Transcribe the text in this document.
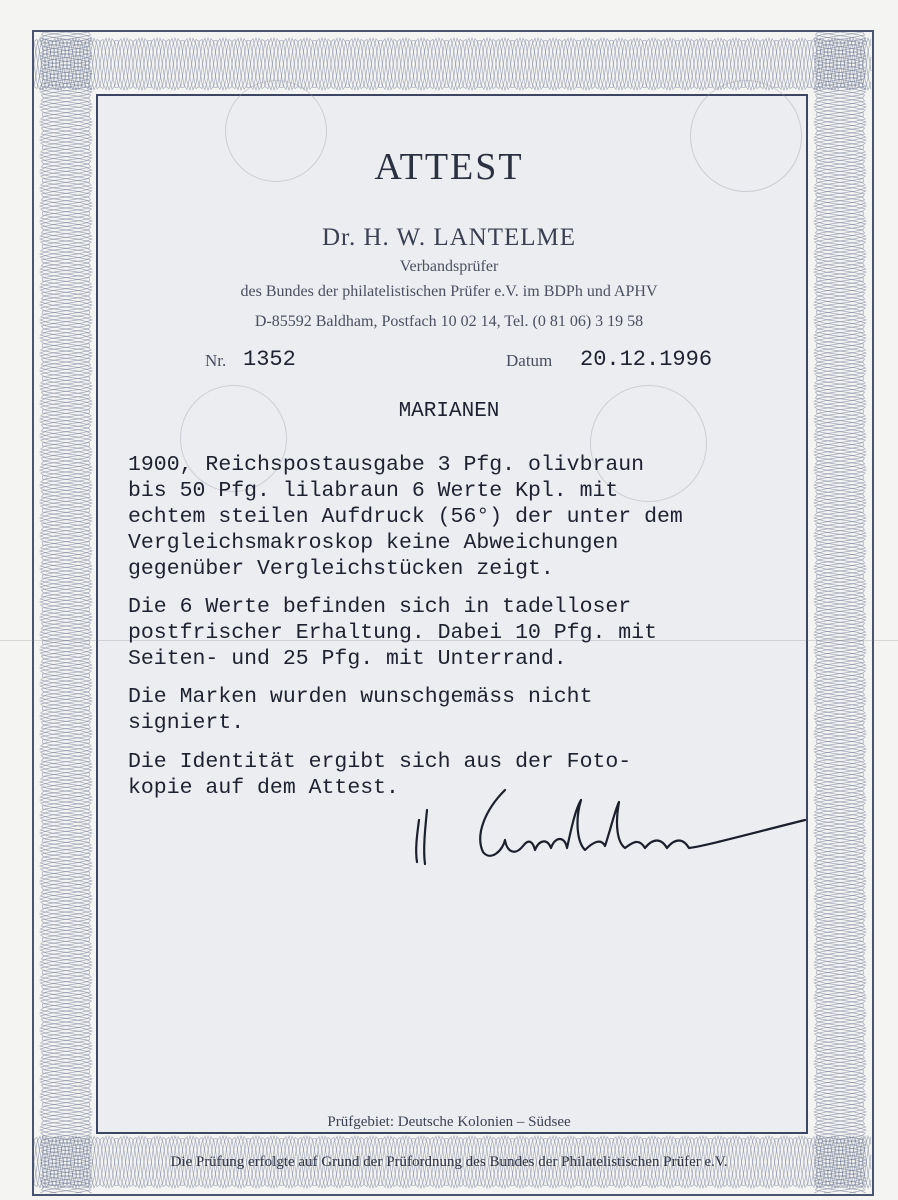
ATTEST
Dr. H. W. LANTELME
Verbandsprüfer
des Bundes der philatelistischen Prüfer e.V. im BDPh und APHV
D-85592 Baldham, Postfach 10 02 14, Tel. (0 81 06) 3 19 58
Nr. 1352	Datum 20.12.1996
MARIANEN
1900, Reichspostausgabe 3 Pfg. olivbraun
bis 50 Pfg. lilabraun 6 Werte Kpl. mit
echtem steilen Aufdruck (56°) der unter dem
Vergleichsmakroskop keine Abweichungen
gegenüber Vergleichstücken zeigt.
Die 6 Werte befinden sich in tadelloser
postfrischer Erhaltung. Dabei 10 Pfg. mit
Seiten- und 25 Pfg. mit Unterrand.
Die Marken wurden wunschgemäss nicht
signiert.
Die Identität ergibt sich aus der Foto-
kopie auf dem Attest.
Prüfgebiet: Deutsche Kolonien – Südsee
Die Prüfung erfolgte auf Grund der Prüfordnung des Bundes der Philatelistischen Prüfer e.V.
